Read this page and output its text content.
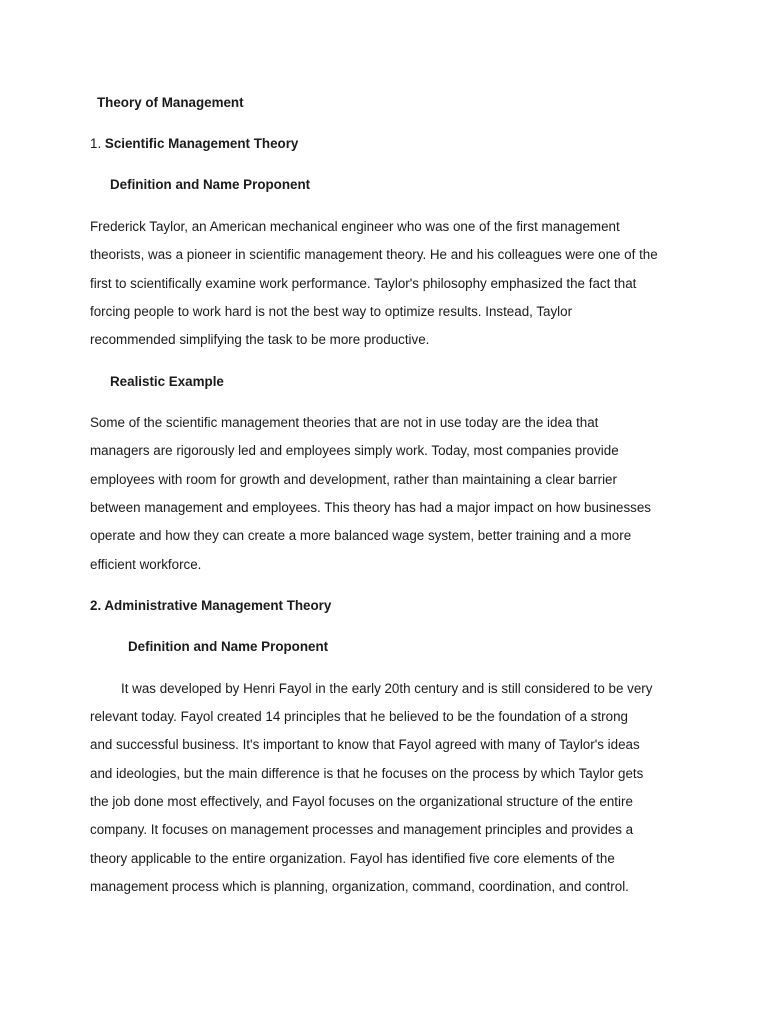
Theory of Management
1. Scientific Management Theory
Definition and Name Proponent
Frederick Taylor, an American mechanical engineer who was one of the first management
theorists, was a pioneer in scientific management theory. He and his colleagues were one of the
first to scientifically examine work performance. Taylor's philosophy emphasized the fact that
forcing people to work hard is not the best way to optimize results. Instead, Taylor
recommended simplifying the task to be more productive.
Realistic Example
Some of the scientific management theories that are not in use today are the idea that
managers are rigorously led and employees simply work. Today, most companies provide
employees with room for growth and development, rather than maintaining a clear barrier
between management and employees. This theory has had a major impact on how businesses
operate and how they can create a more balanced wage system, better training and a more
efficient workforce.
2. Administrative Management Theory
Definition and Name Proponent
It was developed by Henri Fayol in the early 20th century and is still considered to be very
relevant today. Fayol created 14 principles that he believed to be the foundation of a strong
and successful business. It's important to know that Fayol agreed with many of Taylor's ideas
and ideologies, but the main difference is that he focuses on the process by which Taylor gets
the job done most effectively, and Fayol focuses on the organizational structure of the entire
company. It focuses on management processes and management principles and provides a
theory applicable to the entire organization. Fayol has identified five core elements of the
management process which is planning, organization, command, coordination, and control.
